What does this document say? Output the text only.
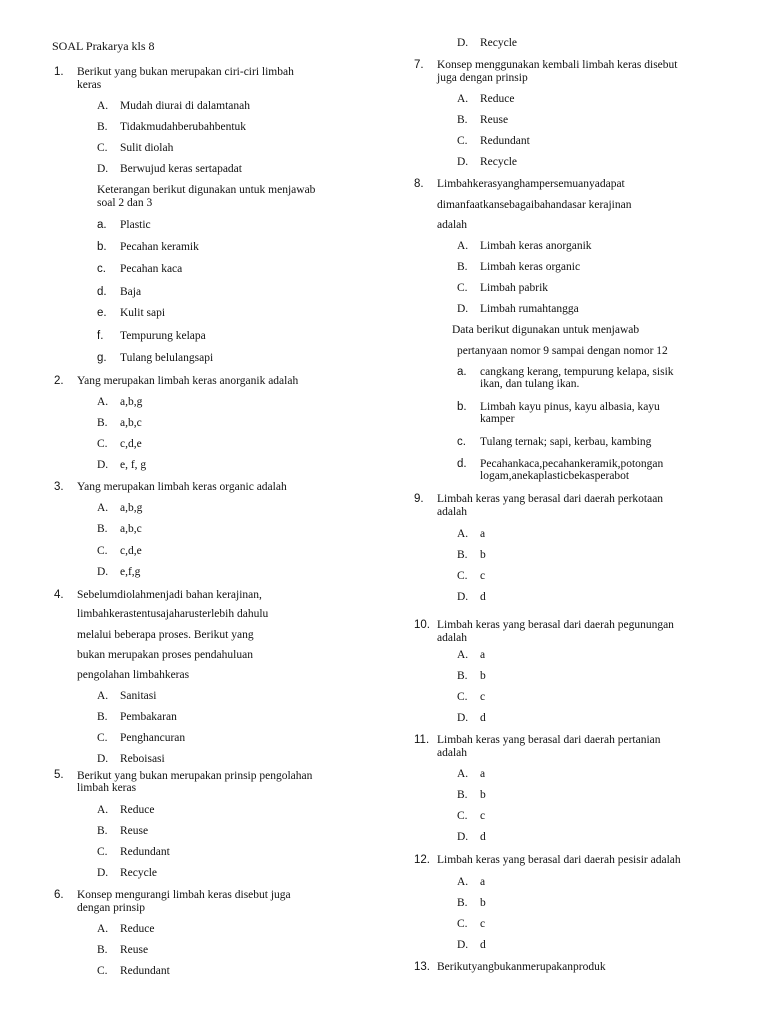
SOAL Prakarya kls 8
1. Berikut yang bukan merupakan ciri-ciri limbah
keras
A. Mudah diurai di dalamtanah
B. Tidakmudahberubahbentuk
C. Sulit diolah
D. Berwujud keras sertapadat
Keterangan berikut digunakan untuk menjawab
soal 2 dan 3
a. Plastic
b. Pecahan keramik
c. Pecahan kaca
d. Baja
e. Kulit sapi
f. Tempurung kelapa
g. Tulang belulangsapi
2. Yang merupakan limbah keras anorganik adalah
A. a,b,g
B. a,b,c
C. c,d,e
D. e, f, g
3. Yang merupakan limbah keras organic adalah
A. a,b,g
B. a,b,c
C. c,d,e
D. e,f,g
4. Sebelumdiolahmenjadi bahan kerajinan,
limbahkerastentusajaharusterlebih dahulu
melalui beberapa proses. Berikut yang
bukan merupakan proses pendahuluan
pengolahan limbahkeras
A. Sanitasi
B. Pembakaran
C. Penghancuran
D. Reboisasi
5. Berikut yang bukan merupakan prinsip pengolahan
limbah keras
A. Reduce
B. Reuse
C. Redundant
D. Recycle
6. Konsep mengurangi limbah keras disebut juga
dengan prinsip
A. Reduce
B. Reuse
C. Redundant
D. Recycle
7. Konsep menggunakan kembali limbah keras disebut
juga dengan prinsip
A. Reduce
B. Reuse
C. Redundant
D. Recycle
8. Limbahkerasyanghampersemuanyadapat
dimanfaatkansebagaibahandasar kerajinan
adalah
A. Limbah keras anorganik
B. Limbah keras organic
C. Limbah pabrik
D. Limbah rumahtangga
Data berikut digunakan untuk menjawab
pertanyaan nomor 9 sampai dengan nomor 12
a. cangkang kerang, tempurung kelapa, sisik
ikan, dan tulang ikan.
b. Limbah kayu pinus, kayu albasia, kayu
kamper
c. Tulang ternak; sapi, kerbau, kambing
d. Pecahankaca,pecahankeramik,potongan
logam,anekaplasticbekasperabot
9. Limbah keras yang berasal dari daerah perkotaan
adalah
A. a
B. b
C. c
D. d
10. Limbah keras yang berasal dari daerah pegunungan
adalah
A. a
B. b
C. c
D. d
11. Limbah keras yang berasal dari daerah pertanian
adalah
A. a
B. b
C. c
D. d
12. Limbah keras yang berasal dari daerah pesisir adalah
A. a
B. b
C. c
D. d
13. Berikutyangbukanmerupakanproduk
